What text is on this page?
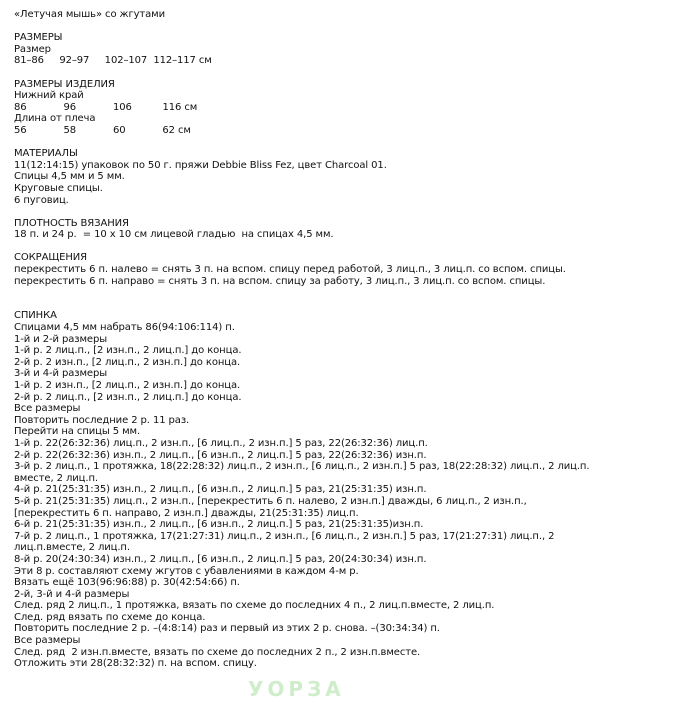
«Летучая мышь» со жгутами
РАЗМЕРЫ
Размер
81–86     92–97     102–107  112–117 см
РАЗМЕРЫ ИЗДЕЛИЯ
Нижний край
86            96            106          116 см
Длина от плеча
56            58            60            62 см
МАТЕРИАЛЫ
11(12:14:15) упаковок по 50 г. пряжи Debbie Bliss Fez, цвет Charcoal 01.
Спицы 4,5 мм и 5 мм.
Круговые спицы.
6 пуговиц.
ПЛОТНОСТЬ ВЯЗАНИЯ
18 п. и 24 р.  = 10 х 10 см лицевой гладью  на спицах 4,5 мм.
СОКРАЩЕНИЯ
перекрестить 6 п. налево = снять 3 п. на вспом. спицу перед работой, 3 лиц.п., 3 лиц.п. со вспом. спицы.
перекрестить 6 п. направо = снять 3 п. на вспом. спицу за работу, 3 лиц.п., 3 лиц.п. со вспом. спицы.
СПИНКА
Спицами 4,5 мм набрать 86(94:106:114) п.
1-й и 2-й размеры
1-й р. 2 лиц.п., [2 изн.п., 2 лиц.п.] до конца.
2-й р. 2 изн.п., [2 лиц.п., 2 изн.п.] до конца.
3-й и 4-й размеры
1-й р. 2 изн.п., [2 лиц.п., 2 изн.п.] до конца.
2-й р. 2 лиц.п., [2 изн.п., 2 лиц.п.] до конца.
Все размеры
Повторить последние 2 р. 11 раз.
Перейти на спицы 5 мм.
1-й р. 22(26:32:36) лиц.п., 2 изн.п., [6 лиц.п., 2 изн.п.] 5 раз, 22(26:32:36) лиц.п.
2-й р. 22(26:32:36) изн.п., 2 лиц.п., [6 изн.п., 2 лиц.п.] 5 раз, 22(26:32:36) изн.п.
3-й р. 2 лиц.п., 1 протяжка, 18(22:28:32) лиц.п., 2 изн.п., [6 лиц.п., 2 изн.п.] 5 раз, 18(22:28:32) лиц.п., 2 лиц.п.
вместе, 2 лиц.п.
4-й р. 21(25:31:35) изн.п., 2 лиц.п., [6 изн.п., 2 лиц.п.] 5 раз, 21(25:31:35) изн.п.
5-й р. 21(25:31:35) лиц.п., 2 изн.п., [перекрестить 6 п. налево, 2 изн.п.] дважды, 6 лиц.п., 2 изн.п.,
[перекрестить 6 п. направо, 2 изн.п.] дважды, 21(25:31:35) лиц.п.
6-й р. 21(25:31:35) изн.п., 2 лиц.п., [6 изн.п., 2 лиц.п.] 5 раз, 21(25:31:35)изн.п.
7-й р. 2 лиц.п., 1 протяжка, 17(21:27:31) лиц.п., 2 изн.п., [6 лиц.п., 2 изн.п.] 5 раз, 17(21:27:31) лиц.п., 2
лиц.п.вместе, 2 лиц.п.
8-й р. 20(24:30:34) изн.п., 2 лиц.п., [6 изн.п., 2 лиц.п.] 5 раз, 20(24:30:34) изн.п.
Эти 8 р. составляют схему жгутов с убавлениями в каждом 4-м р.
Вязать ещё 103(96:96:88) р. 30(42:54:66) п.
2-й, 3-й и 4-й размеры
След. ряд 2 лиц.п., 1 протяжка, вязать по схеме до последних 4 п., 2 лиц.п.вместе, 2 лиц.п.
След. ряд вязать по схеме до конца.
Повторить последние 2 р. –(4:8:14) раз и первый из этих 2 р. снова. –(30:34:34) п.
Все размеры
След. ряд  2 изн.п.вместе, вязать по схеме до последних 2 п., 2 изн.п.вместе.
Отложить эти 28(28:32:32) п. на вспом. спицу.
УОРЗА
